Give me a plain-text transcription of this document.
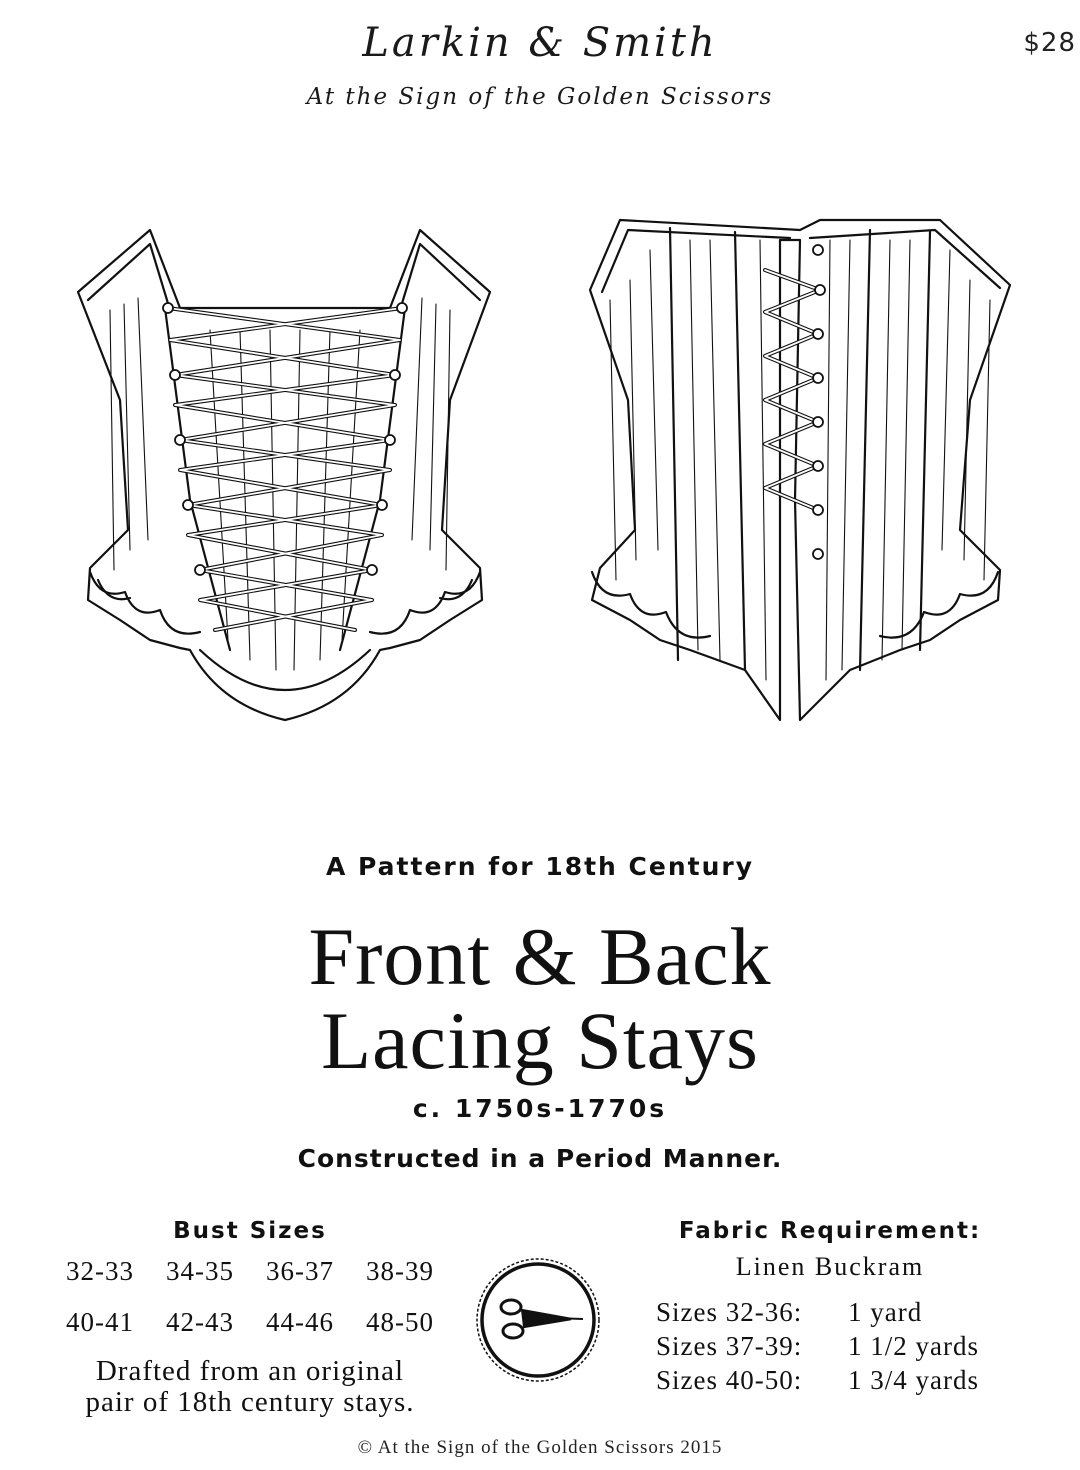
$28
Larkin & Smith
At the Sign of the Golden Scissors
A Pattern for 18th Century
Front & Back
Lacing Stays
c. 1750s-1770s
Constructed in a Period Manner.
Bust Sizes
32-33	34-35	36-37	38-39
40-41	42-43	44-46	48-50
Drafted from an original
pair of 18th century stays.
Fabric Requirement:
Linen Buckram
Sizes 32-36:	1 yard
Sizes 37-39:	1 1/2 yards
Sizes 40-50:	1 3/4 yards
© At the Sign of the Golden Scissors 2015
